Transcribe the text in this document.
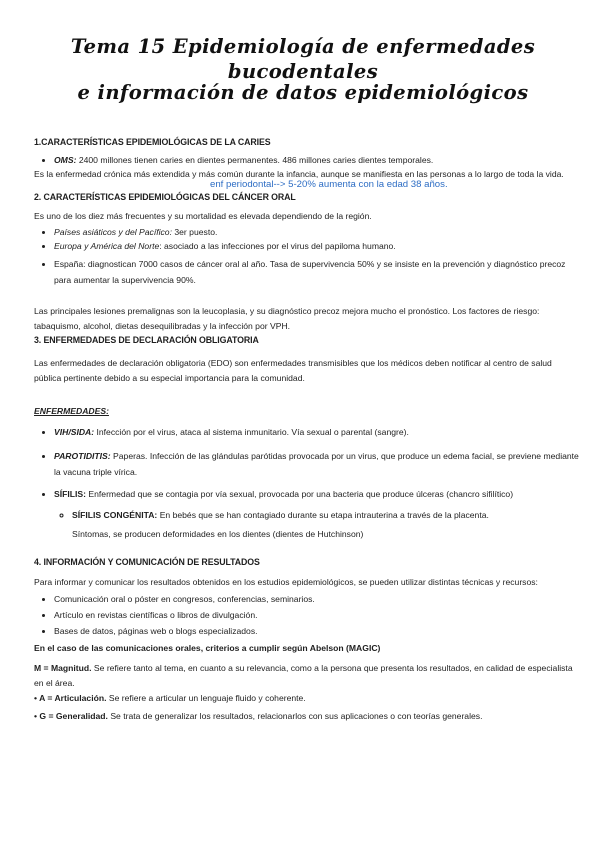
Tema 15 Epidemiología de enfermedades bucodentales
e información de datos epidemiológicos

1.CARACTERÍSTICAS EPIDEMIOLÓGICAS DE LA CARIES

• OMS: 2400 millones tienen caries en dientes permanentes. 486 millones caries dientes temporales.

Es la enfermedad crónica más extendida y más común durante la infancia, aunque se manifiesta en las personas a lo largo de toda la vida.

enf periodontal--> 5-20% aumenta con la edad 38 años.

2. CARACTERÍSTICAS EPIDEMIOLÓGICAS DEL CÁNCER ORAL

Es uno de los diez más frecuentes y su mortalidad es elevada dependiendo de la región.

• Países asiáticos y del Pacífico: 3er puesto.
• Europa y América del Norte: asociado a las infecciones por el virus del papiloma humano.
• España: diagnostican 7000 casos de cáncer oral al año. Tasa de supervivencia 50% y se insiste en la prevención y diagnóstico precoz para aumentar la supervivencia 90%.

Las principales lesiones premalignas son la leucoplasia, y su diagnóstico precoz mejora mucho el pronóstico. Los factores de riesgo: tabaquismo, alcohol, dietas desequilibradas y la infección por VPH.

3. ENFERMEDADES DE DECLARACIÓN OBLIGATORIA

Las enfermedades de declaración obligatoria (EDO) son enfermedades transmisibles que los médicos deben notificar al centro de salud pública pertinente debido a su especial importancia para la comunidad.

ENFERMEDADES:

• VIH/SIDA: Infección por el virus, ataca al sistema inmunitario. Vía sexual o parental (sangre).
• PAROTIDITIS: Paperas. Infección de las glándulas parótidas provocada por un virus, que produce un edema facial, se previene mediante la vacuna triple vírica.
• SÍFILIS: Enfermedad que se contagia por vía sexual, provocada por una bacteria que produce úlceras (chancro sifilítico)
◦ SÍFILIS CONGÉNITA: En bebés que se han contagiado durante su etapa intrauterina a través de la placenta.

Síntomas, se producen deformidades en los dientes (dientes de Hutchinson)

4. INFORMACIÓN Y COMUNICACIÓN DE RESULTADOS

Para informar y comunicar los resultados obtenidos en los estudios epidemiológicos, se pueden utilizar distintas técnicas y recursos:

• Comunicación oral o póster en congresos, conferencias, seminarios.
• Artículo en revistas científicas o libros de divulgación.
• Bases de datos, páginas web o blogs especializados.

En el caso de las comunicaciones orales, criterios a cumplir según Abelson (MAGIC)

M = Magnitud. Se refiere tanto al tema, en cuanto a su relevancia, como a la persona que presenta los resultados, en calidad de especialista en el área.

• A = Articulación. Se refiere a articular un lenguaje fluido y coherente.

• G = Generalidad. Se trata de generalizar los resultados, relacionarlos con sus aplicaciones o con teorías generales.
